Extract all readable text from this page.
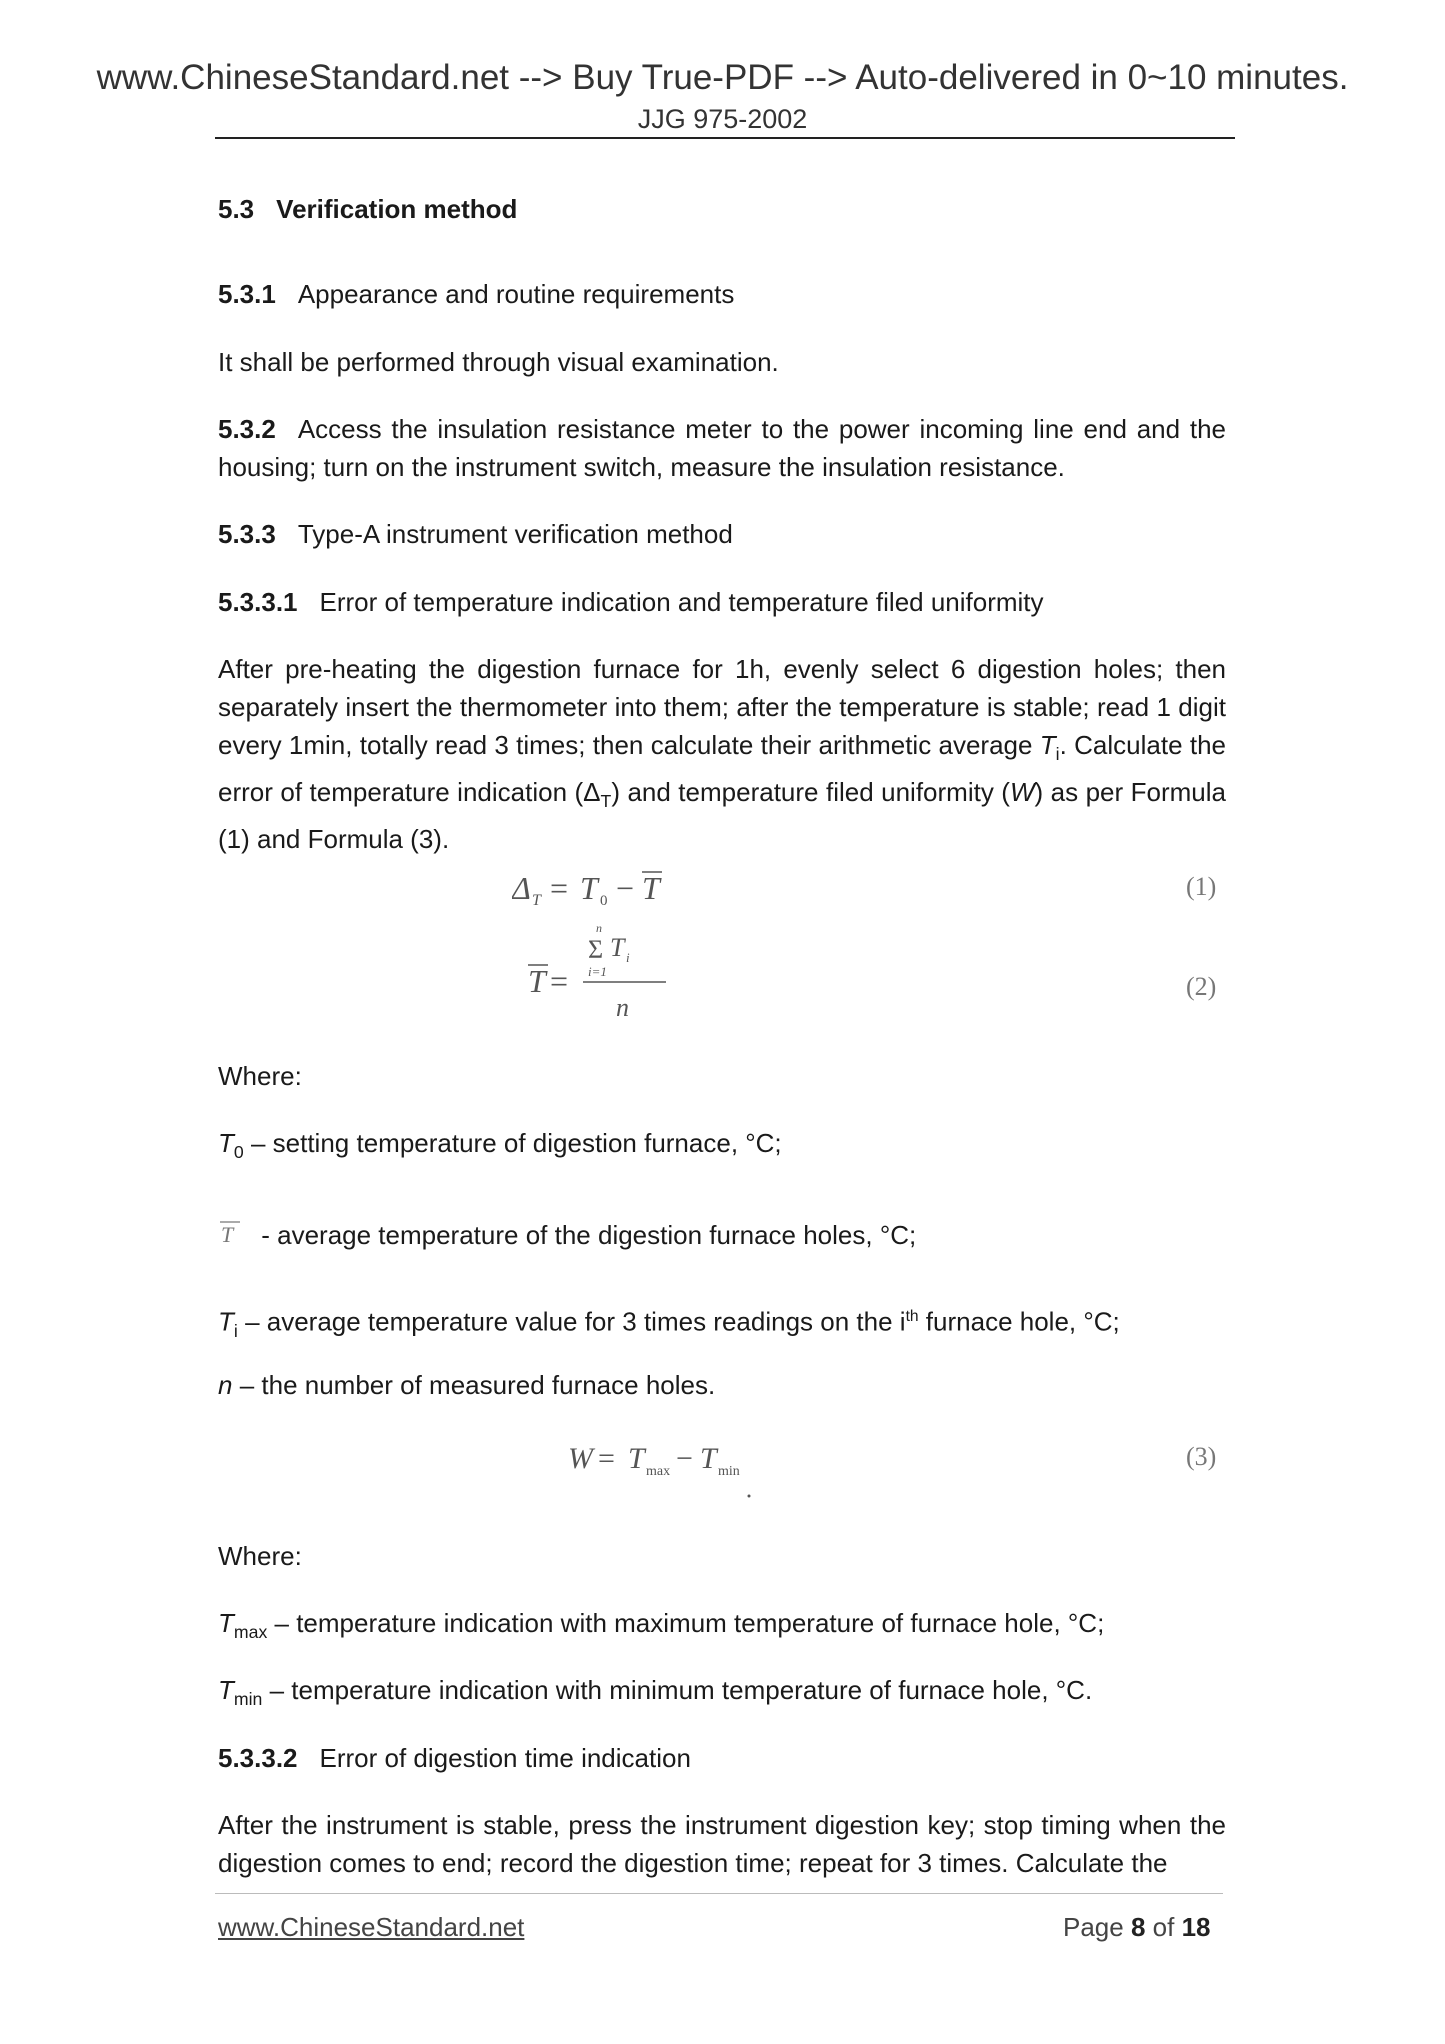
www.ChineseStandard.net --> Buy True-PDF --> Auto-delivered in 0~10 minutes.
JJG 975-2002
5.3 Verification method
5.3.1 Appearance and routine requirements
It shall be performed through visual examination.
5.3.2 Access the insulation resistance meter to the power incoming line end and the housing; turn on the instrument switch, measure the insulation resistance.
5.3.3 Type-A instrument verification method
5.3.3.1 Error of temperature indication and temperature filed uniformity
After pre-heating the digestion furnace for 1h, evenly select 6 digestion holes; then separately insert the thermometer into them; after the temperature is stable; read 1 digit every 1min, totally read 3 times; then calculate their arithmetic average $T_i$. Calculate the error of temperature indication $(\Delta_T)$ and temperature filed uniformity (W) as per Formula (1) and Formula (3).
Δ T = T 0 − T	(1)
T =
n
Σ T i
i=1
n
(2)
Where:
$T_0$ – setting temperature of digestion furnace, °C;
T - average temperature of the digestion furnace holes, °C;
$T_i$ – average temperature value for 3 times readings on the $i^{th}$ furnace hole, °C;
n – the number of measured furnace holes.
W = T max − T min
(3)
Where:
$T_{max}$ – temperature indication with maximum temperature of furnace hole, °C;
$T_{min}$ – temperature indication with minimum temperature of furnace hole, °C.
5.3.3.2 Error of digestion time indication
After the instrument is stable, press the instrument digestion key; stop timing when the digestion comes to end; record the digestion time; repeat for 3 times. Calculate the
www.ChineseStandard.net	Page 8 of 18
